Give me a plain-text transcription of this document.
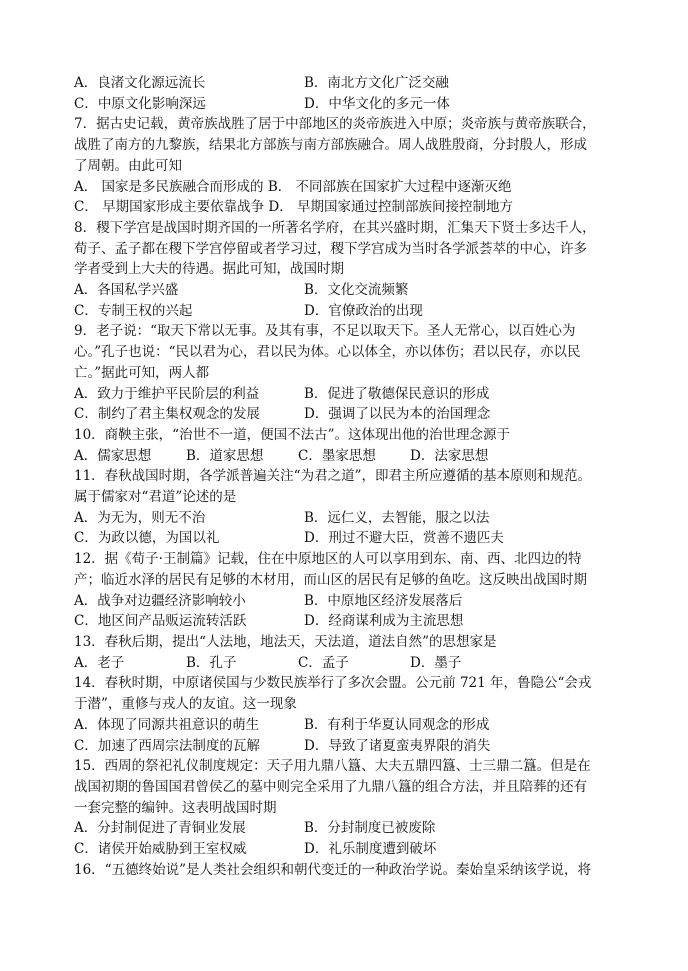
A．良渚文化源远流长	B．南北方文化广泛交融
C．中原文化影响深远	D．中华文化的多元一体
7．据古史记载，黄帝族战胜了居于中部地区的炎帝族进入中原；炎帝族与黄帝族联合，
战胜了南方的九黎族，结果北方部族与南方部族融合。周人战胜殷商，分封殷人，形成
了周朝。由此可知
A． 国家是多民族融合而形成的 B． 不同部族在国家扩大过程中逐渐灭绝
C． 早期国家形成主要依靠战争 D． 早期国家通过控制部族间接控制地方
8．稷下学宫是战国时期齐国的一所著名学府，在其兴盛时期，汇集天下贤士多达千人，
荀子、孟子都在稷下学宫停留或者学习过，稷下学宫成为当时各学派荟萃的中心，许多
学者受到上大夫的待遇。据此可知，战国时期
A．各国私学兴盛	B．文化交流频繁
C．专制王权的兴起	D．官僚政治的出现
9．老子说：“取天下常以无事。及其有事，不足以取天下。圣人无常心，以百姓心为
心。”孔子也说：“民以君为心，君以民为体。心以体全，亦以体伤；君以民存，亦以民
亡。”据此可知，两人都
A．致力于维护平民阶层的利益	B．促进了敬德保民意识的形成
C．制约了君主集权观念的发展	D．强调了以民为本的治国理念
10．商鞅主张，“治世不一道，便国不法古”。这体现出他的治世理念源于
A．儒家思想	B．道家思想	C．墨家思想	D．法家思想
11．春秋战国时期，各学派普遍关注“为君之道”，即君主所应遵循的基本原则和规范。
属于儒家对“君道”论述的是
A．为无为，则无不治	B．远仁义，去智能，服之以法
C．为政以德，为国以礼	D．刑过不避大臣，赏善不遗匹夫
12．据《荀子·王制篇》记载，住在中原地区的人可以享用到东、南、西、北四边的特
产；临近水泽的居民有足够的木材用，而山区的居民有足够的鱼吃。这反映出战国时期
A．战争对边疆经济影响较小	B．中原地区经济发展落后
C．地区间产品贩运流转活跃	D．经商谋利成为主流思想
13．春秋后期，提出“人法地，地法天，天法道，道法自然”的思想家是
A．老子	B．孔子	C．孟子	D．墨子
14．春秋时期，中原诸侯国与少数民族举行了多次会盟。公元前 721 年，鲁隐公“会戎
于潜”，重修与戎人的友谊。这一现象
A．体现了同源共祖意识的萌生	B．有利于华夏认同观念的形成
C．加速了西周宗法制度的瓦解	D．导致了诸夏蛮夷界限的消失
15．西周的祭祀礼仪制度规定：天子用九鼎八簋、大夫五鼎四簋、士三鼎二簋。但是在
战国初期的鲁国国君曾侯乙的墓中则完全采用了九鼎八簋的组合方法，并且陪葬的还有
一套完整的编钟。这表明战国时期
A．分封制促进了青铜业发展	B．分封制度已被废除
C．诸侯开始威胁到王室权威	D．礼乐制度遭到破坏
16．“五德终始说”是人类社会组织和朝代变迁的一种政治学说。秦始皇采纳该学说，将
